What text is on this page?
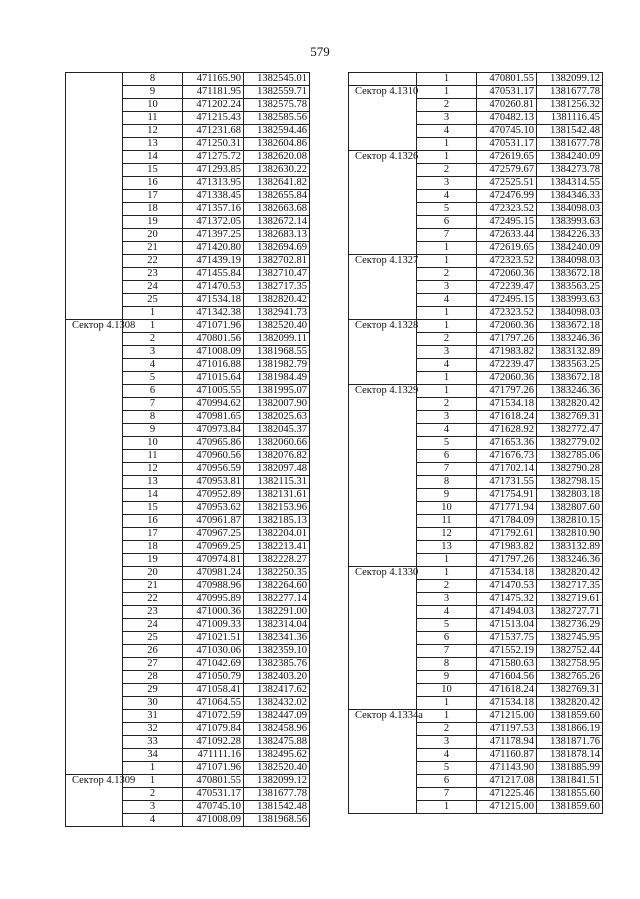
579
	8	471165.90	1382545.01
	9	471181.95	1382559.71
	10	471202.24	1382575.78
	11	471215.43	1382585.56
	12	471231.68	1382594.46
	13	471250.31	1382604.86
	14	471275.72	1382620.08
	15	471293.85	1382630.22
	16	471313.95	1382641.82
	17	471338.45	1382655.84
	18	471357.16	1382663.68
	19	471372.05	1382672.14
	20	471397.25	1382683.13
	21	471420.80	1382694.69
	22	471439.19	1382702.81
	23	471455.84	1382710.47
	24	471470.53	1382717.35
	25	471534.18	1382820.42
	1	471342.38	1382941.73
Сектор 4.1308	1	471071.96	1382520.40
	2	470801.56	1382099.11
	3	471008.09	1381968.55
	4	471016.88	1381982.79
	5	471015.64	1381984.49
	6	471005.55	1381995.07
	7	470994.62	1382007.90
	8	470981.65	1382025.63
	9	470973.84	1382045.37
	10	470965.86	1382060.66
	11	470960.56	1382076.82
	12	470956.59	1382097.48
	13	470953.81	1382115.31
	14	470952.89	1382131.61
	15	470953.62	1382153.96
	16	470961.87	1382185.13
	17	470967.25	1382204.01
	18	470969.25	1382213.41
	19	470974.81	1382228.27
	20	470981.24	1382250.35
	21	470988.96	1382264.60
	22	470995.89	1382277.14
	23	471000.36	1382291.00
	24	471009.33	1382314.04
	25	471021.51	1382341.36
	26	471030.06	1382359.10
	27	471042.69	1382385.76
	28	471050.79	1382403.20
	29	471058.41	1382417.62
	30	471064.55	1382432.02
	31	471072.59	1382447.09
	32	471079.84	1382458.96
	33	471092.28	1382475.88
	34	471111.16	1382495.62
	1	471071.96	1382520.40
Сектор 4.1309	1	470801.55	1382099.12
	2	470531.17	1381677.78
	3	470745.10	1381542.48
	4	471008.09	1381968.56
	1	470801.55	1382099.12
Сектор 4.1310	1	470531.17	1381677.78
	2	470260.81	1381256.32
	3	470482.13	1381116.45
	4	470745.10	1381542.48
	1	470531.17	1381677.78
Сектор 4.1326	1	472619.65	1384240.09
	2	472579.67	1384273.78
	3	472525.51	1384314.55
	4	472476.99	1384346.33
	5	472323.52	1384098.03
	6	472495.15	1383993.63
	7	472633.44	1384226.33
	1	472619.65	1384240.09
Сектор 4.1327	1	472323.52	1384098.03
	2	472060.36	1383672.18
	3	472239.47	1383563.25
	4	472495.15	1383993.63
	1	472323.52	1384098.03
Сектор 4.1328	1	472060.36	1383672.18
	2	471797.26	1383246.36
	3	471983.82	1383132.89
	4	472239.47	1383563.25
	1	472060.36	1383672.18
Сектор 4.1329	1	471797.26	1383246.36
	2	471534.18	1382820.42
	3	471618.24	1382769.31
	4	471628.92	1382772.47
	5	471653.36	1382779.02
	6	471676.73	1382785.06
	7	471702.14	1382790.28
	8	471731.55	1382798.15
	9	471754.91	1382803.18
	10	471771.94	1382807.60
	11	471784.09	1382810.15
	12	471792.61	1382810.90
	13	471983.82	1383132.89
	1	471797.26	1383246.36
Сектор 4.1330	1	471534.18	1382820.42
	2	471470.53	1382717.35
	3	471475.32	1382719.61
	4	471494.03	1382727.71
	5	471513.04	1382736.29
	6	471537.75	1382745.95
	7	471552.19	1382752.44
	8	471580.63	1382758.95
	9	471604.56	1382765.26
	10	471618.24	1382769.31
	1	471534.18	1382820.42
Сектор 4.1334а	1	471215.00	1381859.60
	2	471197.53	1381866.19
	3	471178.94	1381871.76
	4	471160.87	1381878.14
	5	471143.90	1381885.99
	6	471217.08	1381841.51
	7	471225.46	1381855.60
	1	471215.00	1381859.60
